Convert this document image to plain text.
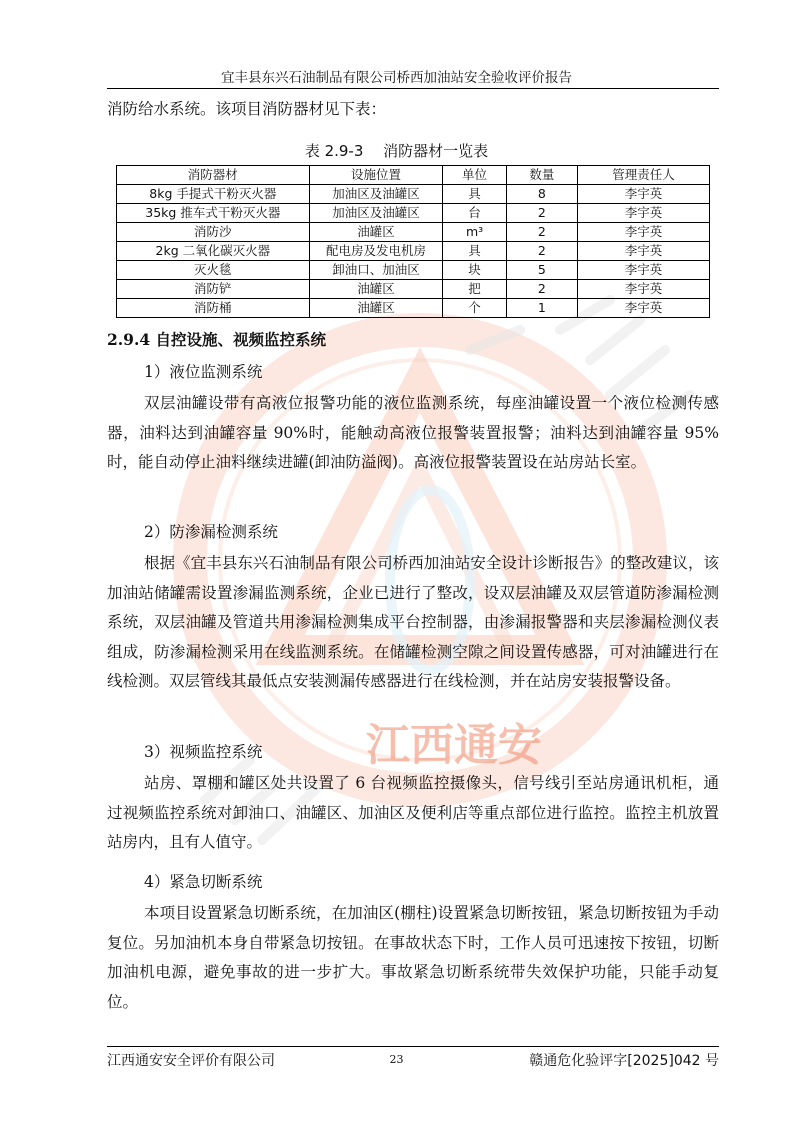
江西通安
宜丰县东兴石油制品有限公司桥西加油站安全验收评价报告
消防给水系统。该项目消防器材见下表：
表 2.9-3　 消防器材一览表
消防器材	设施位置	单位	数量	管理责任人
8kg 手提式干粉灭火器	加油区及油罐区	具	8	李宇英
35kg 推车式干粉灭火器	加油区及油罐区	台	2	李宇英
消防沙	油罐区	m³	2	李宇英
2kg 二氧化碳灭火器	配电房及发电机房	具	2	李宇英
灭火毯	卸油口、加油区	块	5	李宇英
消防铲	油罐区	把	2	李宇英
消防桶	油罐区	个	1	李宇英
2.9.4 自控设施、视频监控系统
1）液位监测系统

双层油罐设带有高液位报警功能的液位监测系统，每座油罐设置一个液位检测传感器，油料达到油罐容量 90%时，能触动高液位报警装置报警；油料达到油罐容量 95%时，能自动停止油料继续进罐(卸油防溢阀)。高液位报警装置设在站房站长室。

2）防渗漏检测系统

根据《宜丰县东兴石油制品有限公司桥西加油站安全设计诊断报告》的整改建议，该加油站储罐需设置渗漏监测系统，企业已进行了整改，设双层油罐及双层管道防渗漏检测系统，双层油罐及管道共用渗漏检测集成平台控制器，由渗漏报警器和夹层渗漏检测仪表组成，防渗漏检测采用在线监测系统。在储罐检测空隙之间设置传感器，可对油罐进行在线检测。双层管线其最低点安装测漏传感器进行在线检测，并在站房安装报警设备。

3）视频监控系统

站房、罩棚和罐区处共设置了 6 台视频监控摄像头，信号线引至站房通讯机柜，通过视频监控系统对卸油口、油罐区、加油区及便利店等重点部位进行监控。监控主机放置站房内，且有人值守。

4）紧急切断系统

本项目设置紧急切断系统，在加油区(棚柱)设置紧急切断按钮，紧急切断按钮为手动复位。另加油机本身自带紧急切按钮。在事故状态下时，工作人员可迅速按下按钮，切断加油机电源，避免事故的进一步扩大。事故紧急切断系统带失效保护功能，只能手动复位。

江西通安安全评价有限公司	23	赣通危化验评字[2025]042 号
